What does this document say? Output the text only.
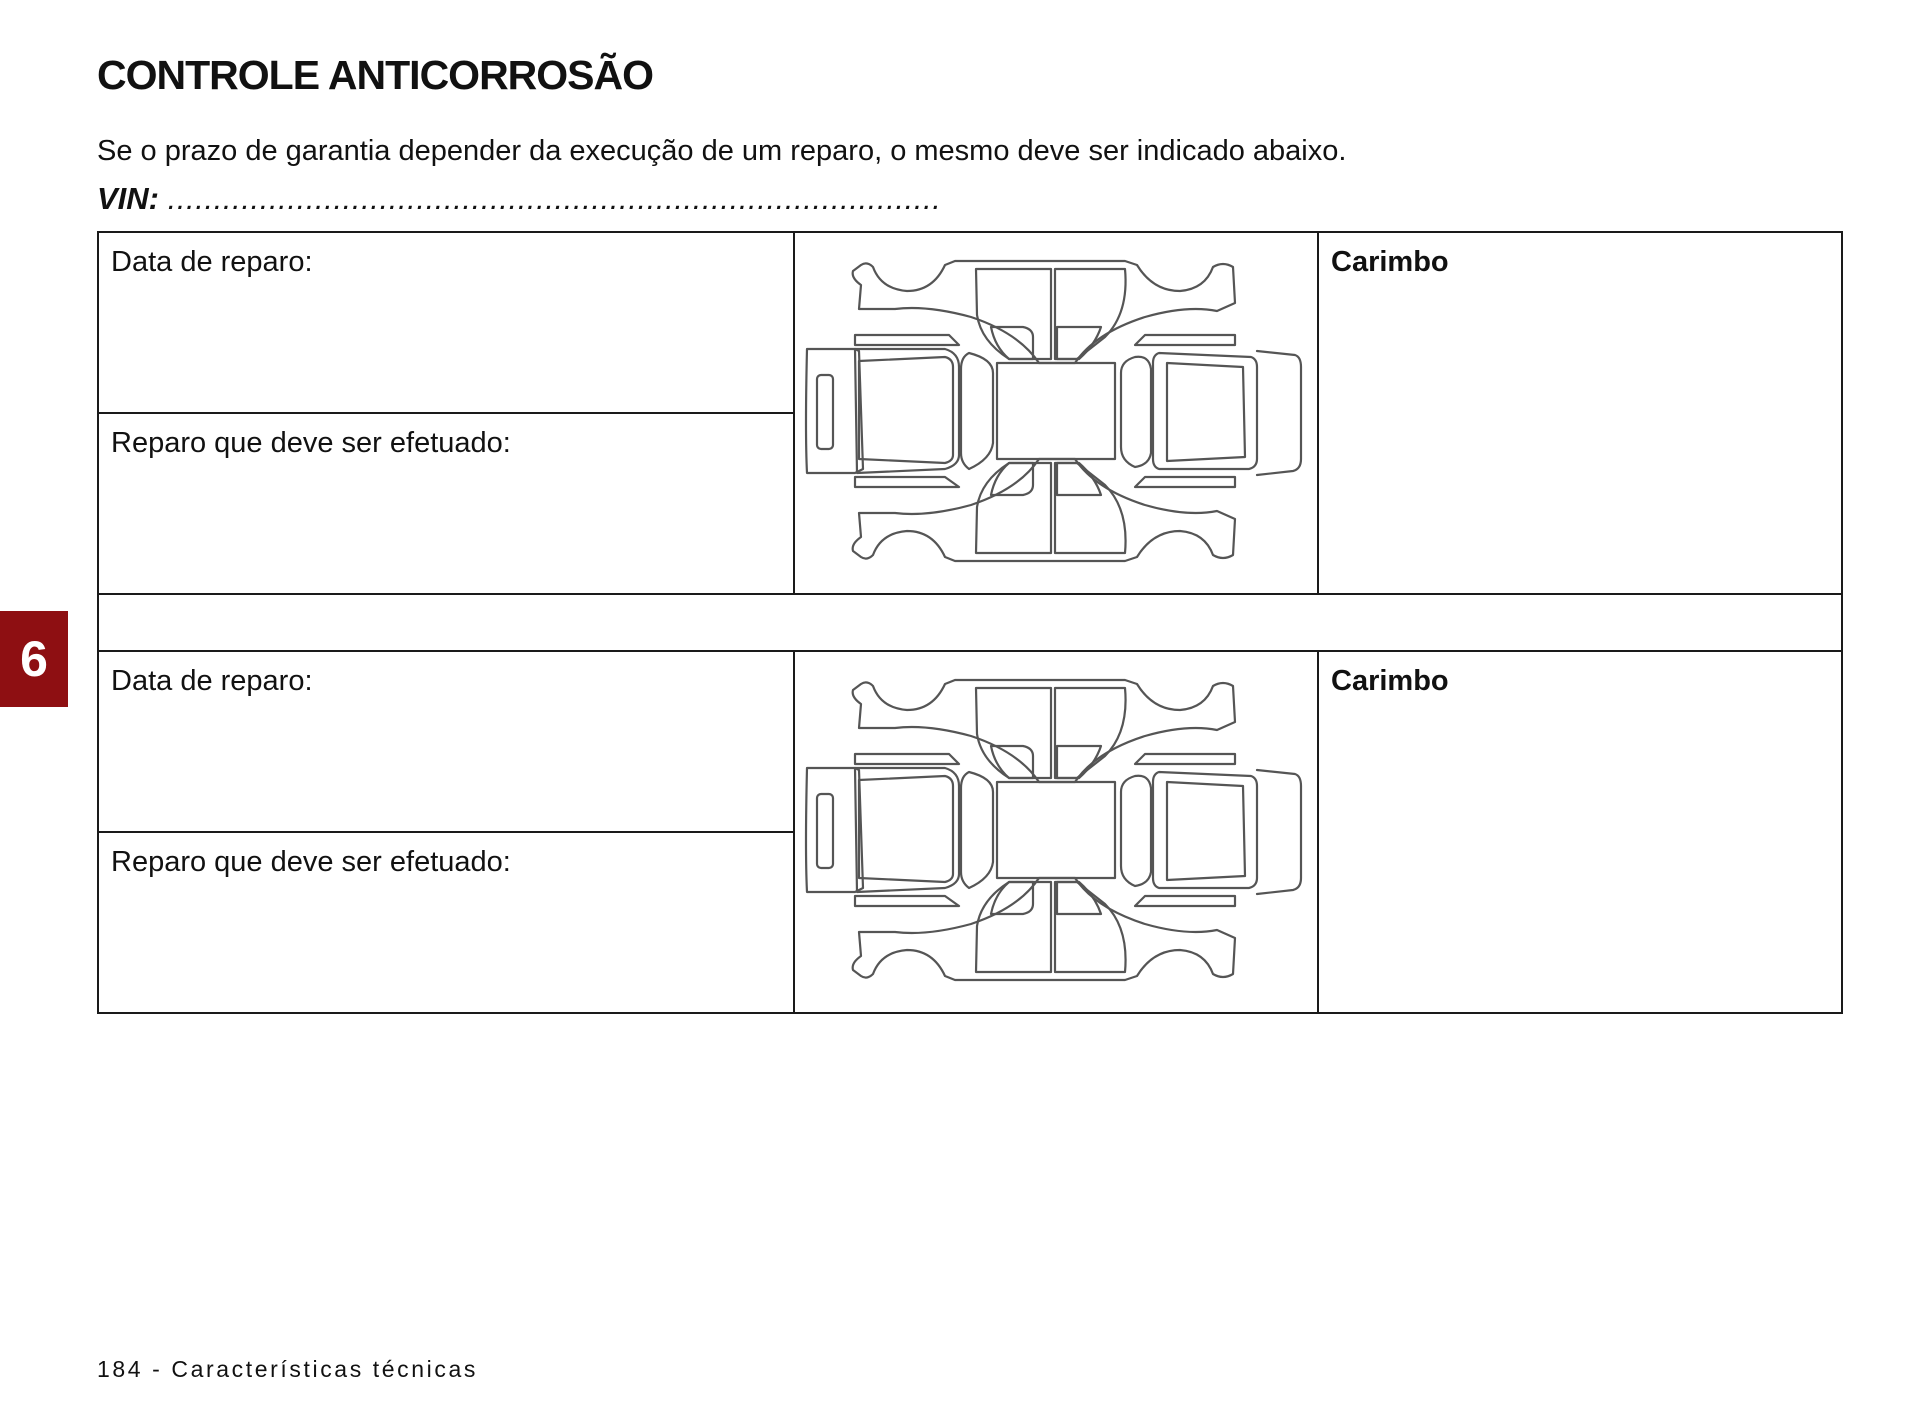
CONTROLE ANTICORROSÃO

Se o prazo de garantia depender da execução de um reparo, o mesmo deve ser indicado abaixo.

VIN: ....................................................................................

Data de reparo:		Carimbo

Reparo que deve ser efetuado:		

Data de reparo:		Carimbo

Reparo que deve ser efetuado:		
6

184 - Características técnicas
